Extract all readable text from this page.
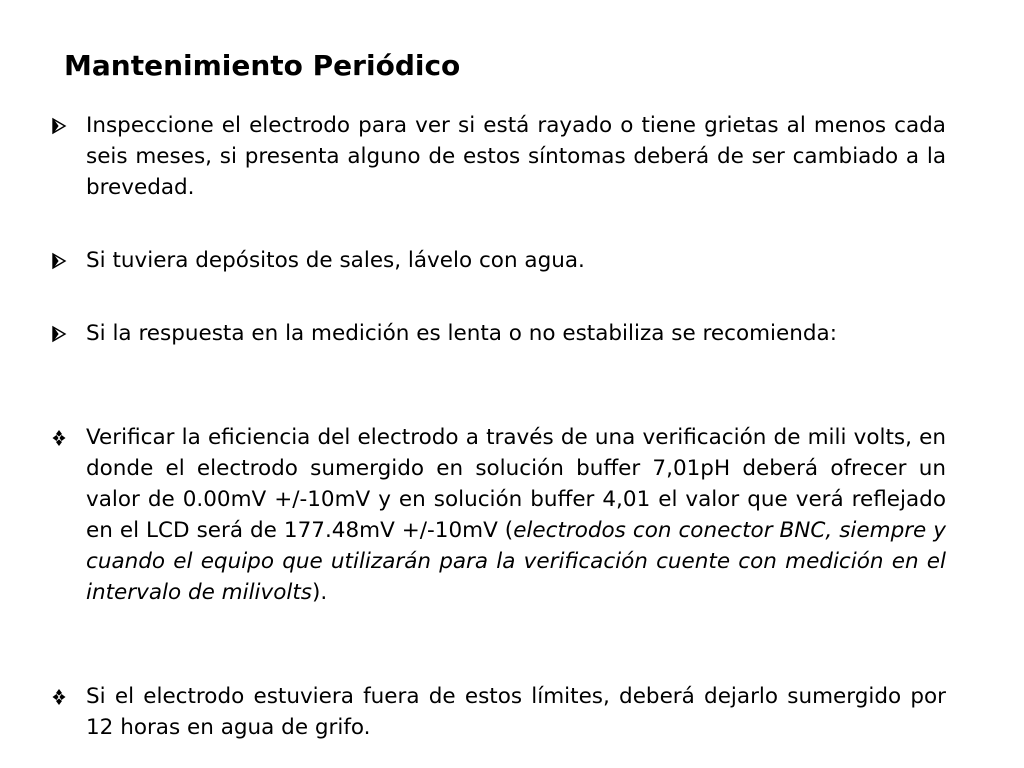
Mantenimiento Periódico
Inspeccione el electrodo para ver si está rayado o tiene grietas al menos cada seis meses, si presenta alguno de estos síntomas deberá de ser cambiado a la brevedad.
Si tuviera depósitos de sales, lávelo con agua.
Si la respuesta en la medición es lenta o no estabiliza se recomienda:
Verificar la eficiencia del electrodo a través de una verificación de mili volts, en donde el electrodo sumergido en solución buffer 7,01pH deberá ofrecer un valor de 0.00mV +/-10mV y en solución buffer 4,01 el valor que verá reflejado en el LCD será de 177.48mV +/-10mV (electrodos con conector BNC, siempre y cuando el equipo que utilizarán para la verificación cuente con medición en el intervalo de milivolts).
Si el electrodo estuviera fuera de estos límites, deberá dejarlo sumergido por 12 horas en agua de grifo.
